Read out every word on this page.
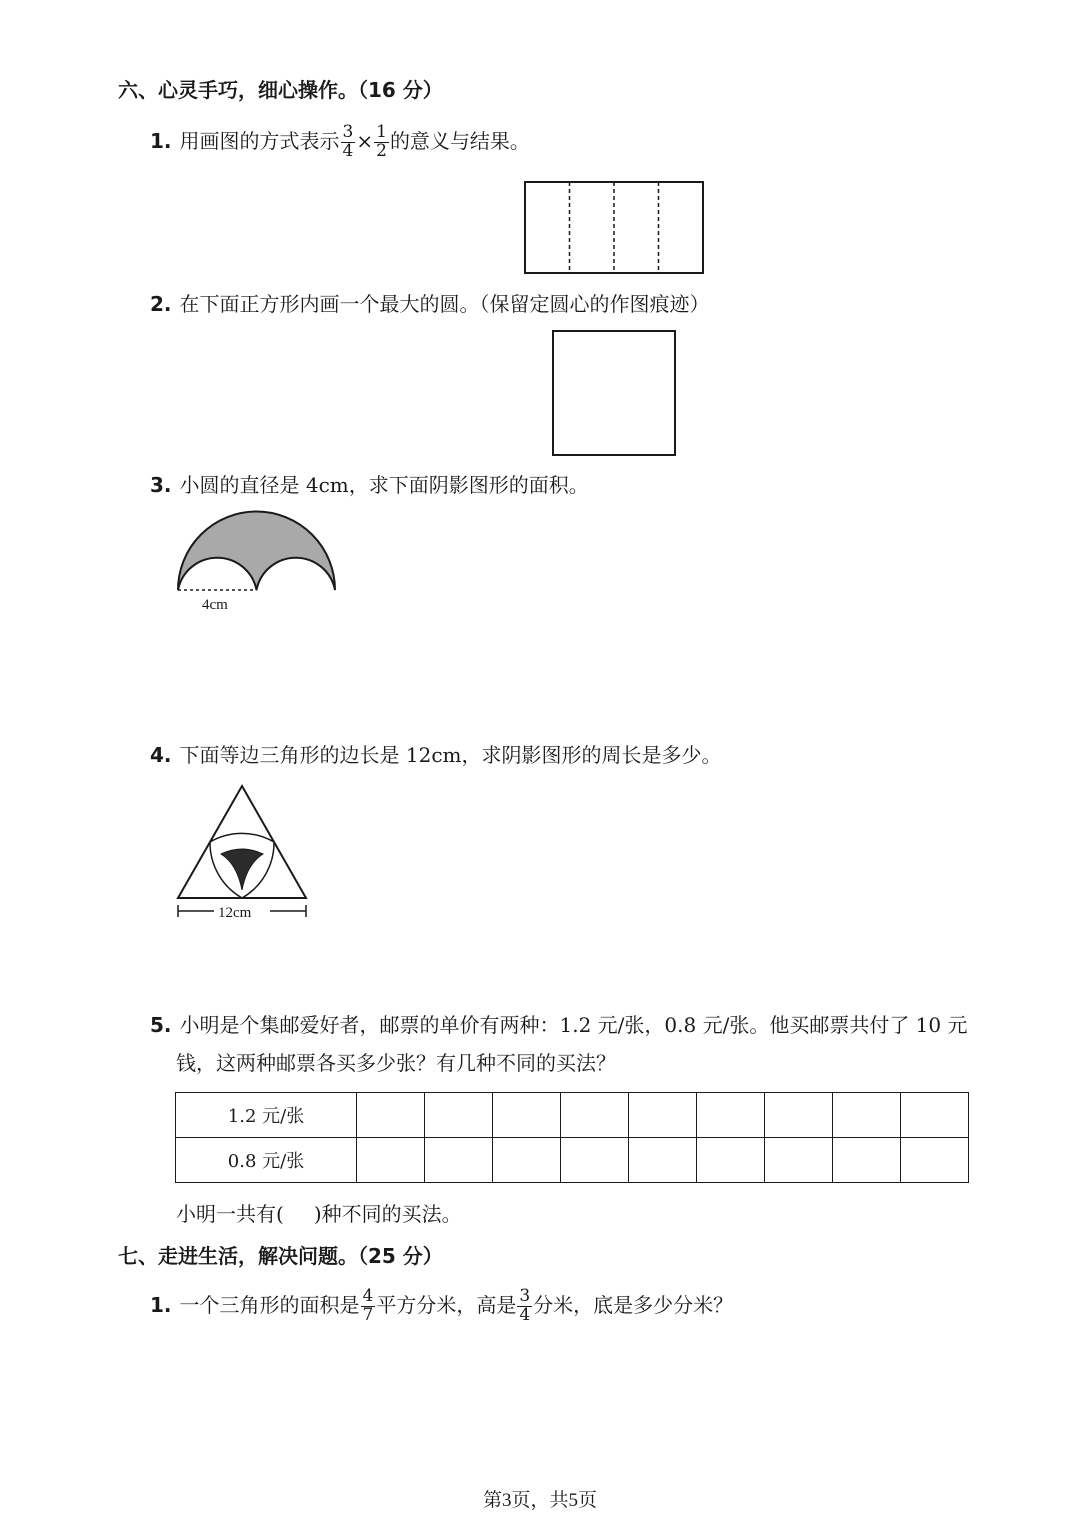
六、心灵手巧，细心操作。（16 分）
1. 用画图的方式表示 $\frac{3}{4} \times \frac{1}{2}$ 的意义与结果。
2. 在下面正方形内画一个最大的圆。（保留定圆心的作图痕迹）
3. 小圆的直径是 4cm，求下面阴影图形的面积。
4cm
4. 下面等边三角形的边长是 12cm，求阴影图形的周长是多少。
12cm
5. 小明是个集邮爱好者，邮票的单价有两种：1.2 元/张，0.8 元/张。他买邮票共付了 10 元
钱，这两种邮票各买多少张？有几种不同的买法？
1.2 元/张									
0.8 元/张									
小明一共有( )种不同的买法。
七、走进生活，解决问题。（25 分）
1. 一个三角形的面积是 $\frac{4}{7}$ 平方分米，高是 $\frac{3}{4}$ 分米，底是多少分米？
第3页，共5页
